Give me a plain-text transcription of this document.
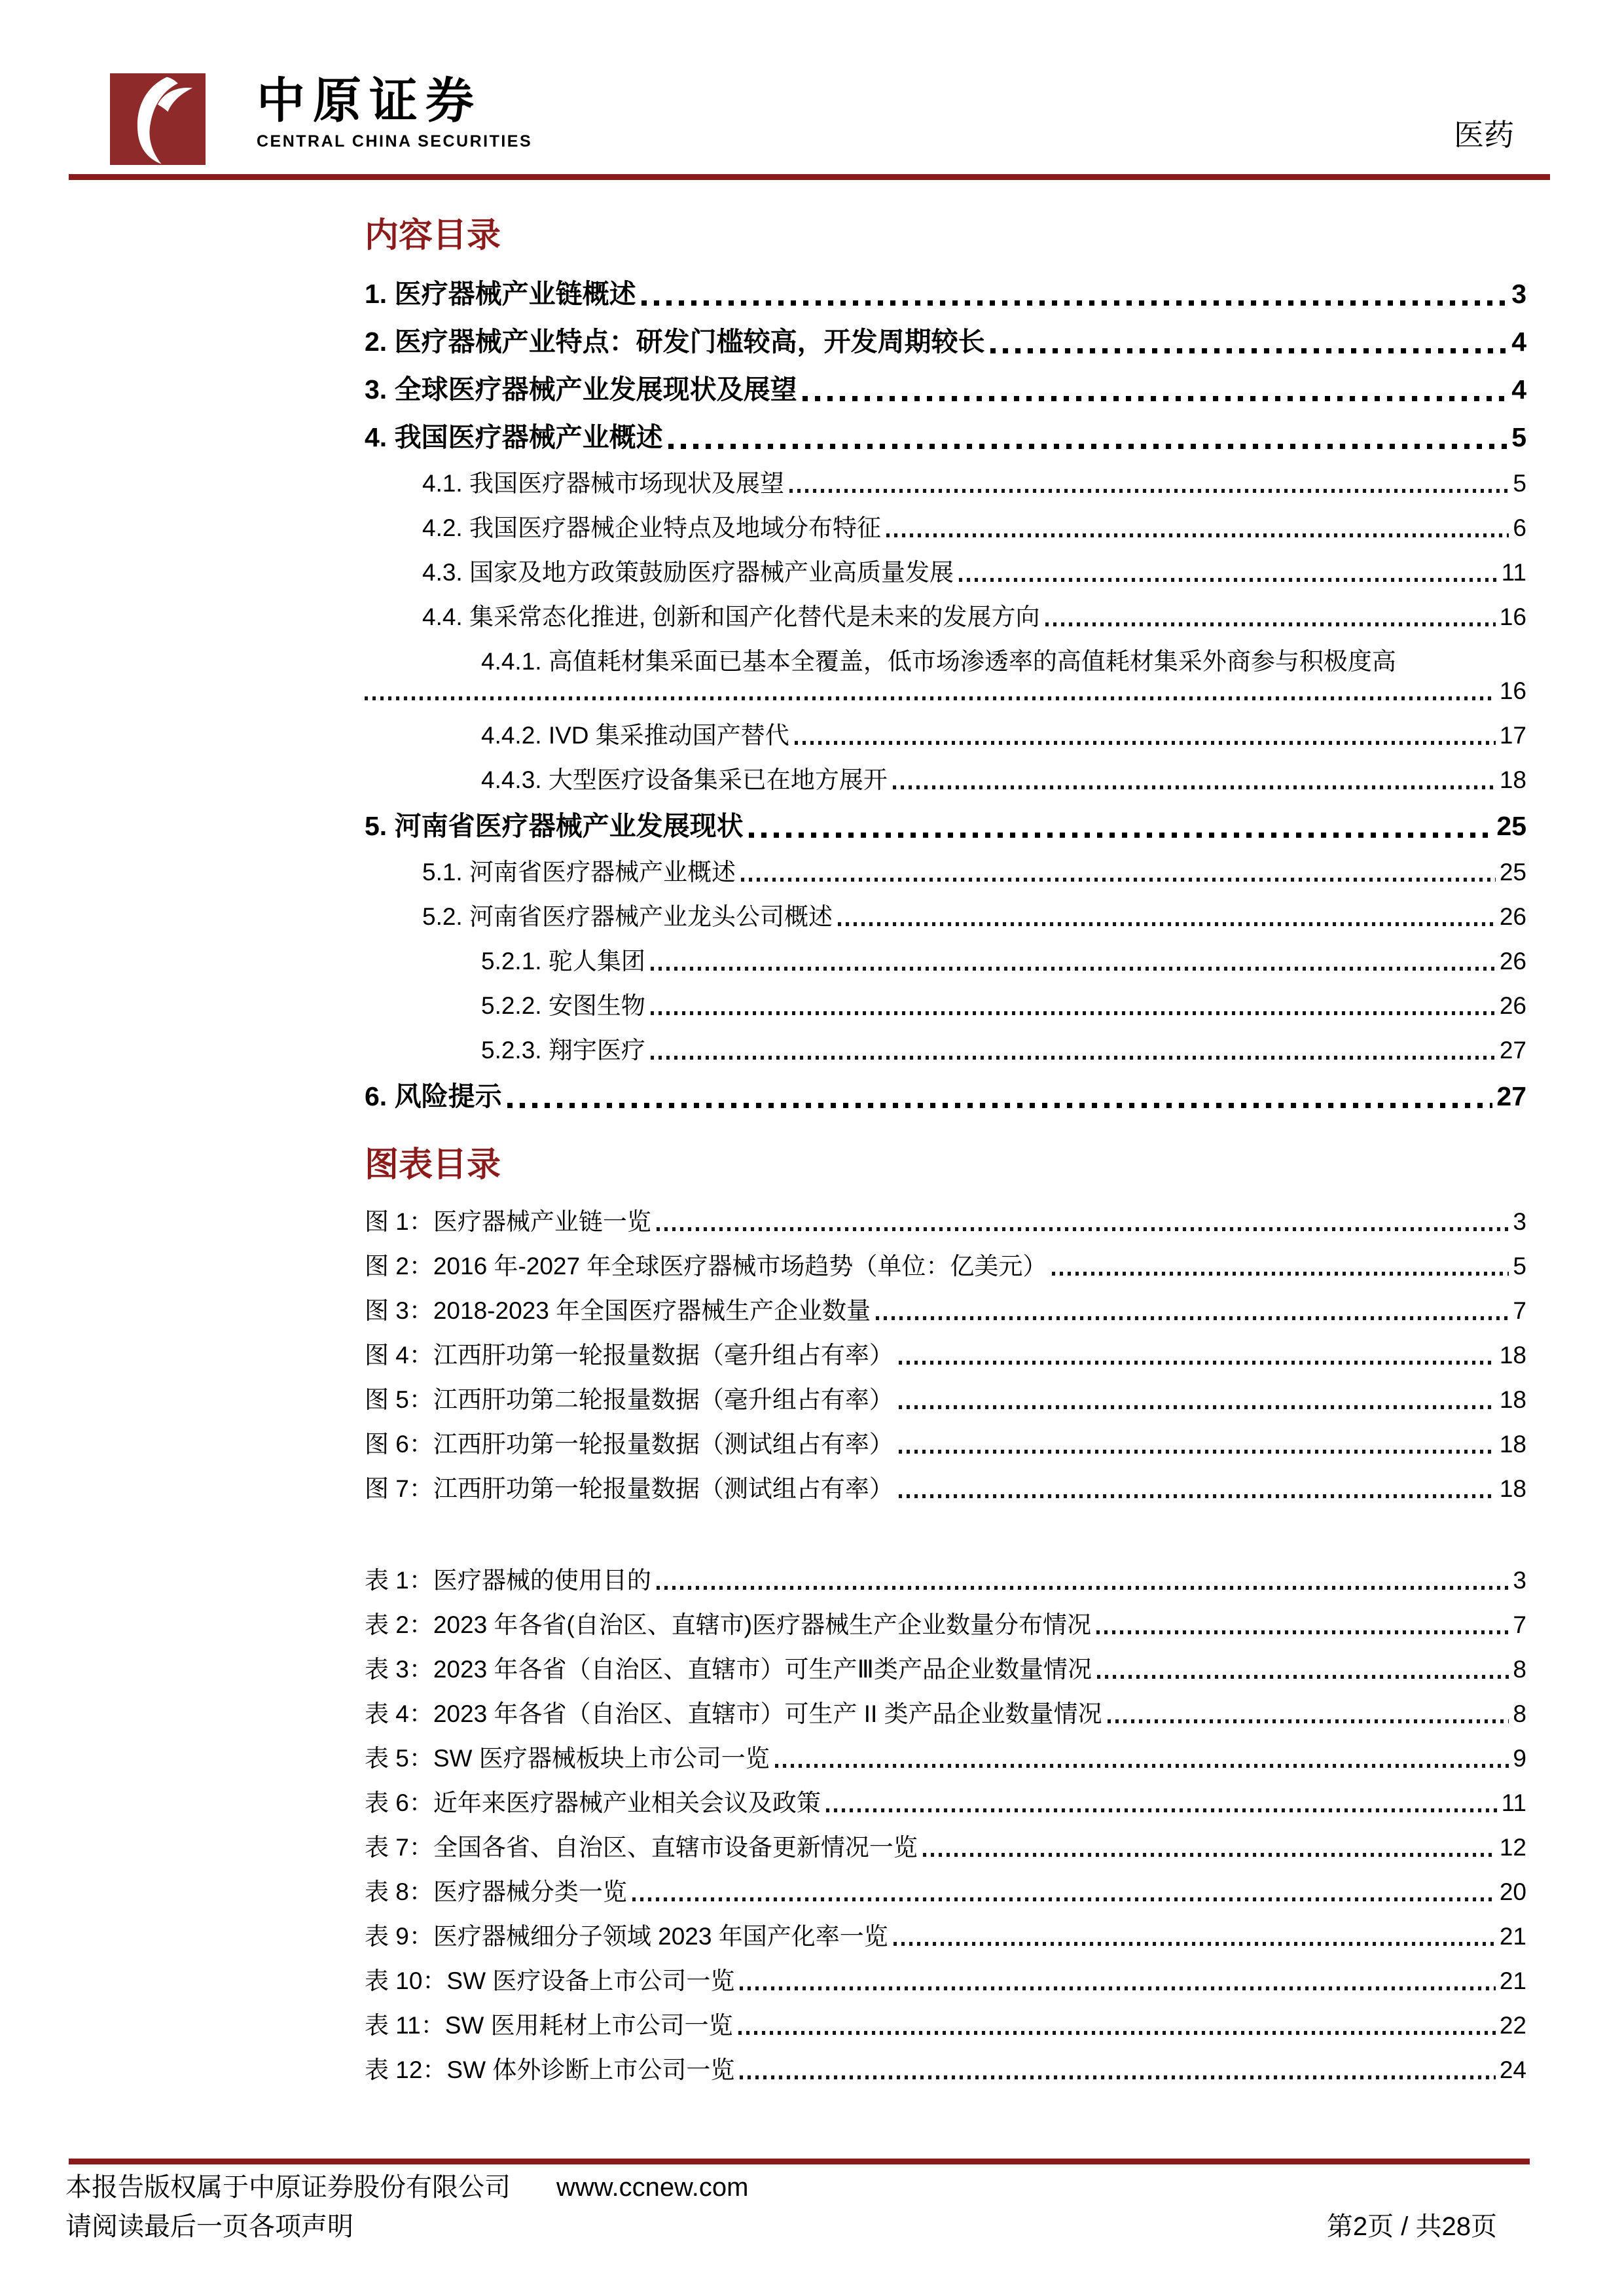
中原证券
CENTRAL CHINA SECURITIES	医药
内容目录
1. 医疗器械产业链概述	3
2. 医疗器械产业特点：研发门槛较高，开发周期较长	4
3. 全球医疗器械产业发展现状及展望	4
4. 我国医疗器械产业概述	5
4.1. 我国医疗器械市场现状及展望	5
4.2. 我国医疗器械企业特点及地域分布特征	6
4.3. 国家及地方政策鼓励医疗器械产业高质量发展	11
4.4. 集采常态化推进, 创新和国产化替代是未来的发展方向	16
4.4.1. 高值耗材集采面已基本全覆盖，低市场渗透率的高值耗材集采外商参与积极度高
16
4.4.2. IVD 集采推动国产替代	17
4.4.3. 大型医疗设备集采已在地方展开	18
5. 河南省医疗器械产业发展现状	25
5.1. 河南省医疗器械产业概述	25
5.2. 河南省医疗器械产业龙头公司概述	26
5.2.1. 驼人集团	26
5.2.2. 安图生物	26
5.2.3. 翔宇医疗	27
6. 风险提示	27
图表目录
图 1：医疗器械产业链一览	3
图 2：2016 年-2027 年全球医疗器械市场趋势（单位：亿美元）	5
图 3：2018-2023 年全国医疗器械生产企业数量	7
图 4：江西肝功第一轮报量数据（毫升组占有率）	18
图 5：江西肝功第二轮报量数据（毫升组占有率）	18
图 6：江西肝功第一轮报量数据（测试组占有率）	18
图 7：江西肝功第一轮报量数据（测试组占有率）	18
表 1：医疗器械的使用目的	3
表 2：2023 年各省(自治区、直辖市)医疗器械生产企业数量分布情况	7
表 3：2023 年各省（自治区、直辖市）可生产Ⅲ类产品企业数量情况	8
表 4：2023 年各省（自治区、直辖市）可生产 II 类产品企业数量情况	8
表 5：SW 医疗器械板块上市公司一览	9
表 6：近年来医疗器械产业相关会议及政策	11
表 7：全国各省、自治区、直辖市设备更新情况一览	12
表 8：医疗器械分类一览	20
表 9：医疗器械细分子领域 2023 年国产化率一览	21
表 10：SW 医疗设备上市公司一览	21
表 11：SW 医用耗材上市公司一览	22
表 12：SW 体外诊断上市公司一览	24
本报告版权属于中原证券股份有限公司 www.ccnew.com
请阅读最后一页各项声明	第2页 / 共28页
